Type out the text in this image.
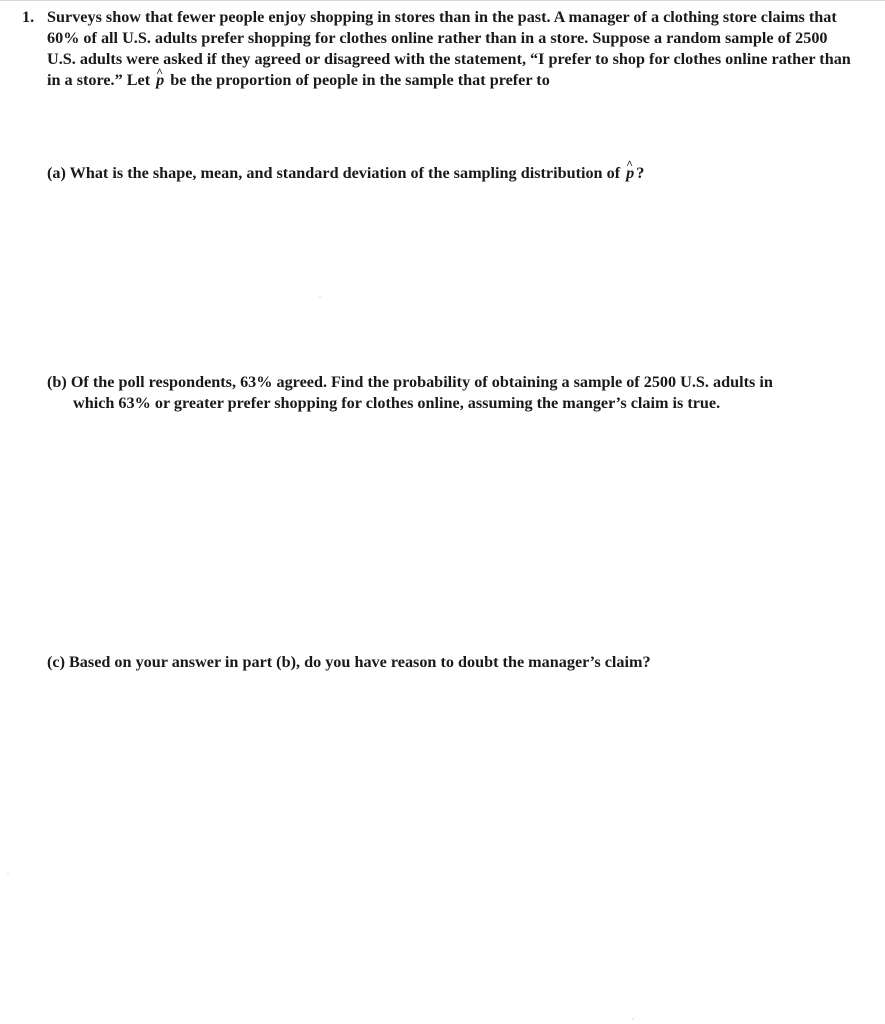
1. Surveys show that fewer people enjoy shopping in stores than in the past. A manager of a clothing store claims that 60% of all U.S. adults prefer shopping for clothes online rather than in a store. Suppose a random sample of 2500 U.S. adults were asked if they agreed or disagreed with the statement, “I prefer to shop for clothes online rather than in a store.” Let ^ p be the proportion of people in the sample that prefer to
(a) What is the shape, mean, and standard deviation of the sampling distribution of ^ p ?
(b) Of the poll respondents, 63% agreed. Find the probability of obtaining a sample of 2500 U.S. adults in
which 63% or greater prefer shopping for clothes online, assuming the manger’s claim is true.
(c) Based on your answer in part (b), do you have reason to doubt the manager’s claim?
